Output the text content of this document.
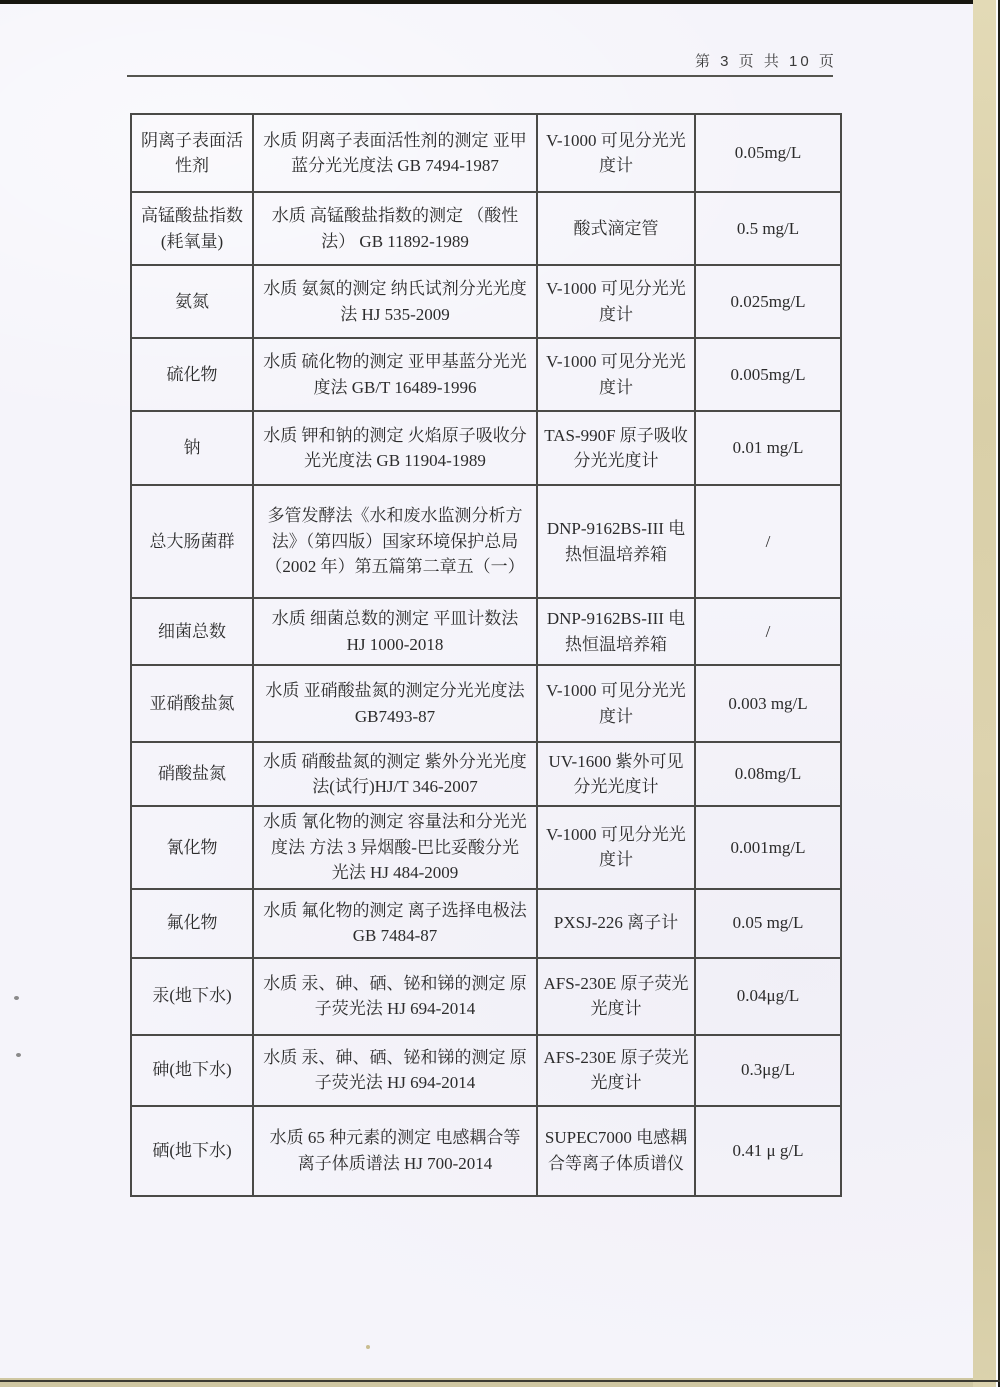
第 3 页 共 10 页
阴离子表面活性剂	水质 阴离子表面活性剂的测定 亚甲蓝分光光度法 GB 7494-1987	V-1000 可见分光光度计	0.05mg/L
高锰酸盐指数(耗氧量)	水质 高锰酸盐指数的测定 （酸性法） GB 11892-1989	酸式滴定管	0.5 mg/L
氨氮	水质 氨氮的测定 纳氏试剂分光光度法 HJ 535-2009	V-1000 可见分光光度计	0.025mg/L
硫化物	水质 硫化物的测定 亚甲基蓝分光光度法 GB/T 16489-1996	V-1000 可见分光光度计	0.005mg/L
钠	水质 钾和钠的测定 火焰原子吸收分光光度法 GB 11904-1989	TAS-990F 原子吸收分光光度计	0.01 mg/L
总大肠菌群	多管发酵法《水和废水监测分析方法》（第四版）国家环境保护总局（2002 年）第五篇第二章五（一）	DNP-9162BS-III 电热恒温培养箱	/
细菌总数	水质 细菌总数的测定 平皿计数法 HJ 1000-2018	DNP-9162BS-III 电热恒温培养箱	/
亚硝酸盐氮	水质 亚硝酸盐氮的测定分光光度法 GB7493-87	V-1000 可见分光光度计	0.003 mg/L
硝酸盐氮	水质 硝酸盐氮的测定 紫外分光光度法(试行)HJ/T 346-2007	UV-1600 紫外可见分光光度计	0.08mg/L
氰化物	水质 氰化物的测定 容量法和分光光度法 方法 3 异烟酸-巴比妥酸分光光法 HJ 484-2009	V-1000 可见分光光度计	0.001mg/L
氟化物	水质 氟化物的测定 离子选择电极法 GB 7484-87	PXSJ-226 离子计	0.05 mg/L
汞(地下水)	水质 汞、砷、硒、铋和锑的测定 原子荧光法 HJ 694-2014	AFS-230E 原子荧光光度计	0.04μg/L
砷(地下水)	水质 汞、砷、硒、铋和锑的测定 原子荧光法 HJ 694-2014	AFS-230E 原子荧光光度计	0.3μg/L
硒(地下水)	水质 65 种元素的测定 电感耦合等离子体质谱法 HJ 700-2014	SUPEC7000 电感耦合等离子体质谱仪	0.41 μ g/L
